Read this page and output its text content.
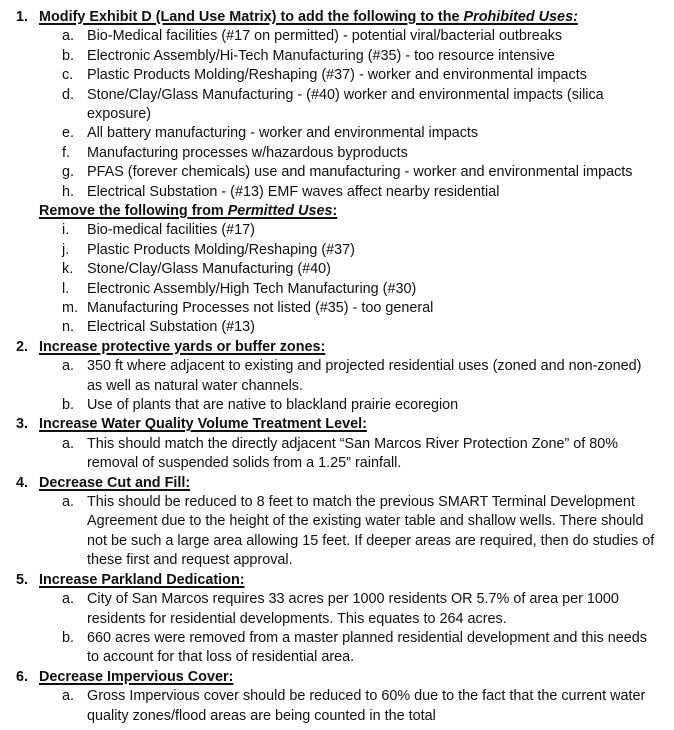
1. Modify Exhibit D (Land Use Matrix) to add the following to the Prohibited Uses:
a. Bio-Medical facilities (#17 on permitted) - potential viral/bacterial outbreaks
b. Electronic Assembly/Hi-Tech Manufacturing (#35) - too resource intensive
c. Plastic Products Molding/Reshaping (#37) - worker and environmental impacts
d. Stone/Clay/Glass Manufacturing - (#40) worker and environmental impacts (silica exposure)
e. All battery manufacturing - worker and environmental impacts
f.	Manufacturing processes w/hazardous byproducts
g. PFAS (forever chemicals) use and manufacturing - worker and environmental impacts
h. Electrical Substation - (#13) EMF waves affect nearby residential
Remove the following from Permitted Uses:
i.	Bio-medical facilities (#17)
j.	Plastic Products Molding/Reshaping (#37)
k. Stone/Clay/Glass Manufacturing (#40)
l.	Electronic Assembly/High Tech Manufacturing (#30)
m. Manufacturing Processes not listed (#35) - too general
n. Electrical Substation (#13)
2. Increase protective yards or buffer zones:
a. 350 ft where adjacent to existing and projected residential uses (zoned and non-zoned) as well as natural water channels.
b. Use of plants that are native to blackland prairie ecoregion
3. Increase Water Quality Volume Treatment Level:
a. This should match the directly adjacent “San Marcos River Protection Zone” of 80% removal of suspended solids from a 1.25” rainfall.
4. Decrease Cut and Fill:
a. This should be reduced to 8 feet to match the previous SMART Terminal Development Agreement due to the height of the existing water table and shallow wells. There should not be such a large area allowing 15 feet. If deeper areas are required, then do studies of these first and request approval.
5. Increase Parkland Dedication:
a. City of San Marcos requires 33 acres per 1000 residents OR 5.7% of area per 1000 residents for residential developments. This equates to 264 acres.
b. 660 acres were removed from a master planned residential development and this needs to account for that loss of residential area.
6. Decrease Impervious Cover:
a. Gross Impervious cover should be reduced to 60% due to the fact that the current water quality zones/flood areas are being counted in the total
